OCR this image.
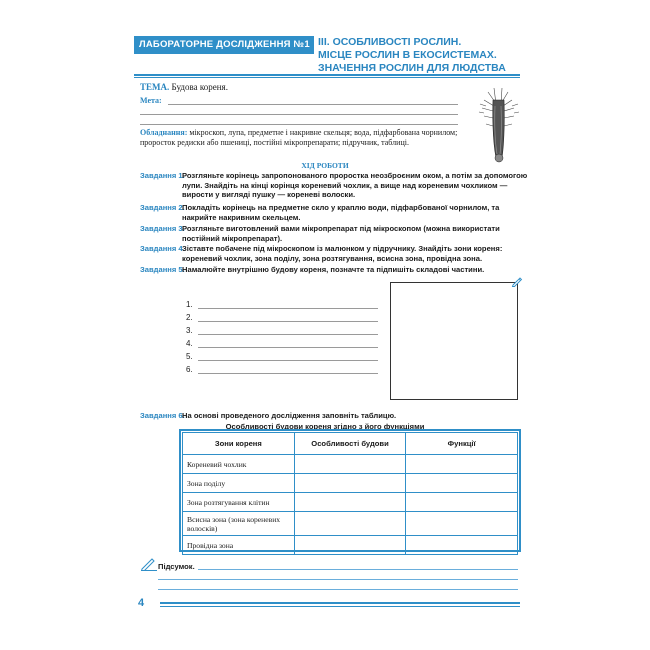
ЛАБОРАТОРНЕ ДОСЛІДЖЕННЯ №1 ІІІ. ОСОБЛИВОСТІ РОСЛИН.
МІСЦЕ РОСЛИН В ЕКОСИСТЕМАХ.
ЗНАЧЕННЯ РОСЛИН ДЛЯ ЛЮДСТВА
ТЕМА. Будова кореня.
Мета:
Обладнання: мікроскоп, лупа, предметне і накривне скельця; вода, підфарбована чорнилом; проросток редиски або пшениці, постійні мікропрепарати; підручник, таблиці.
ХІД РОБОТИ
Завдання 1.
Розгляньте корінець запропонованого проростка неозброєним оком, а потім за допомогою лупи. Знайдіть на кінці корінця кореневий чохлик, а вище над кореневим чохликом — вирости у вигляді пушку — кореневі волоски.
Завдання 2.
Покладіть корінець на предметне скло у краплю води, підфарбованої чорнилом, та накрийте накривним скельцем.
Завдання 3.
Розгляньте виготовлений вами мікропрепарат під мікроскопом (можна використати постійний мікропрепарат).
Завдання 4.
Зіставте побачене під мікроскопом із малюнком у підручнику. Знайдіть зони кореня: кореневий чохлик, зона поділу, зона розтягування, всисна зона, провідна зона.
Завдання 5.
Намалюйте внутрішню будову кореня, позначте та підпишіть складові частини.
1.
2.
3.
4.
5.
6.
Завдання 6.
На основі проведеного дослідження заповніть таблицю.
Особливості будови кореня згідно з його функціями
Зони кореня	Особливості будови	Функції
Кореневий чохлик		
Зона поділу		
Зона розтягування клітин		
Всисна зона (зона кореневих волосків)		
Провідна зона		
Підсумок.
4
